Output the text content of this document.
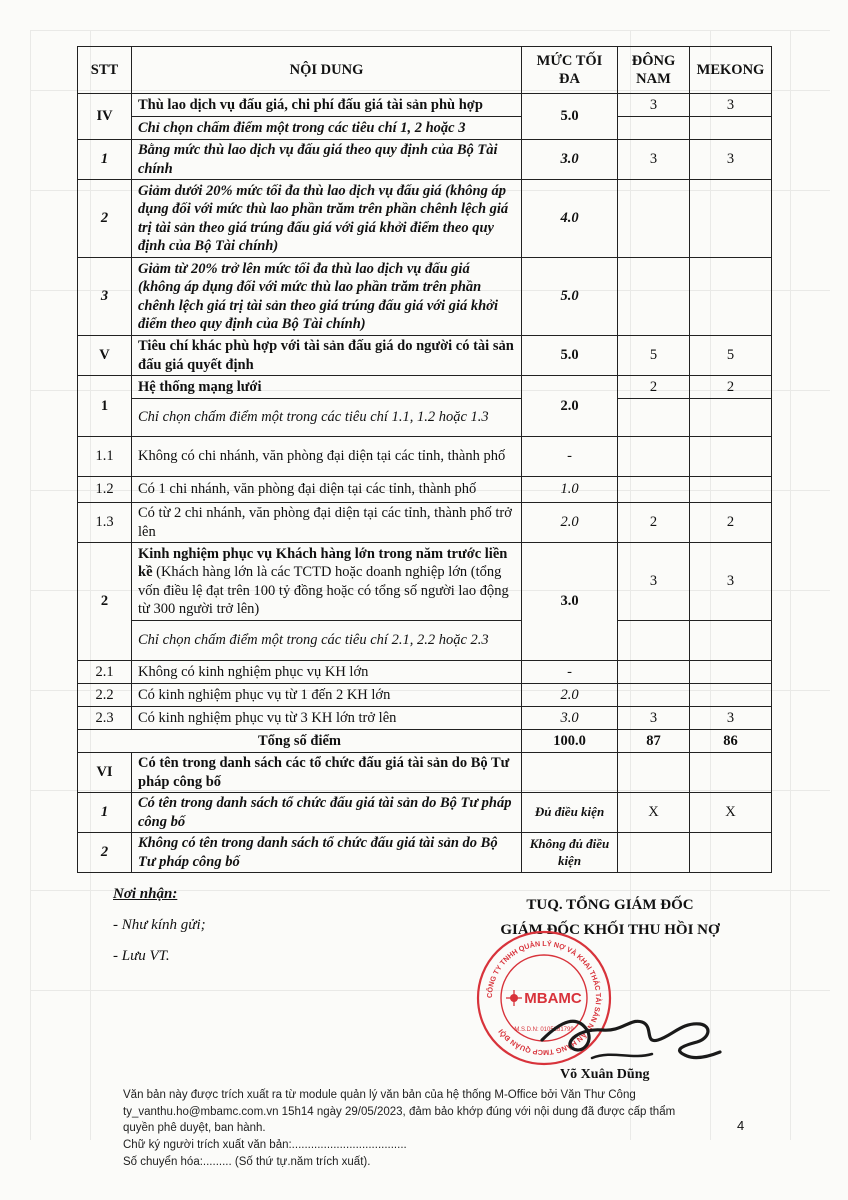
STT	NỘI DUNG	MỨC TỐI ĐA	ĐÔNG NAM	MEKONG
IV	Thù lao dịch vụ đấu giá, chi phí đấu giá tài sản phù hợp	5.0	3	3
	Chỉ chọn chấm điểm một trong các tiêu chí 1, 2 hoặc 3			
1	Bằng mức thù lao dịch vụ đấu giá theo quy định của Bộ Tài chính	3.0	3	3
2	Giảm dưới 20% mức tối đa thù lao dịch vụ đấu giá (không áp dụng đối với mức thù lao phần trăm trên phần chênh lệch giá trị tài sản theo giá trúng đấu giá với giá khởi điểm theo quy định của Bộ Tài chính)	4.0		
3	Giảm từ 20% trở lên mức tối đa thù lao dịch vụ đấu giá (không áp dụng đối với mức thù lao phần trăm trên phần chênh lệch giá trị tài sản theo giá trúng đấu giá với giá khởi điểm theo quy định của Bộ Tài chính)	5.0		
V	Tiêu chí khác phù hợp với tài sản đấu giá do người có tài sản đấu giá quyết định	5.0	5	5
1	Hệ thống mạng lưới	2.0	2	2
	Chỉ chọn chấm điểm một trong các tiêu chí 1.1, 1.2 hoặc 1.3			
1.1	Không có chi nhánh, văn phòng đại diện tại các tỉnh, thành phố	-		
1.2	Có 1 chi nhánh, văn phòng đại diện tại các tỉnh, thành phố	1.0		
1.3	Có từ 2 chi nhánh, văn phòng đại diện tại các tỉnh, thành phố trở lên	2.0	2	2
2	Kinh nghiệm phục vụ Khách hàng lớn trong năm trước liền kề (Khách hàng lớn là các TCTD hoặc doanh nghiệp lớn (tổng vốn điều lệ đạt trên 100 tỷ đồng hoặc có tổng số người lao động từ 300 người trở lên)	3.0	3	3
	Chỉ chọn chấm điểm một trong các tiêu chí 2.1, 2.2 hoặc 2.3			
2.1	Không có kinh nghiệm phục vụ KH lớn	-		
2.2	Có kinh nghiệm phục vụ từ 1 đến 2 KH lớn	2.0		
2.3	Có kinh nghiệm phục vụ từ 3 KH lớn trở lên	3.0	3	3
Tổng số điểm		100.0	87	86
VI	Có tên trong danh sách các tổ chức đấu giá tài sản do Bộ Tư pháp công bố			
1	Có tên trong danh sách tổ chức đấu giá tài sản do Bộ Tư pháp công bố	Đủ điều kiện	X	X
2	Không có tên trong danh sách tổ chức đấu giá tài sản do Bộ Tư pháp công bố	Không đủ điều kiện		
Nơi nhận:
- Như kính gửi;
- Lưu VT.
TUQ. TỔNG GIÁM ĐỐC
GIÁM ĐỐC KHỐI THU HỒI NỢ
CÔNG TY TNHH QUẢN LÝ NỢ VÀ KHAI THÁC TÀI SẢN NGÂN HÀNG TMCP QUÂN ĐỘI
MBAMC
M.S.D.N: 0105281799
Võ Xuân Dũng
Văn bản này được trích xuất ra từ module quản lý văn bản của hệ thống M-Office bởi Văn Thư Công
ty_vanthu.ho@mbamc.com.vn 15h14 ngày 29/05/2023, đảm bảo khớp đúng với nội dung đã được cấp thẩm
quyền phê duyệt, ban hành.
Chữ ký người trích xuất văn bản:....................................
Số chuyển hóa:......... (Số thứ tự.năm trích xuất).
4
